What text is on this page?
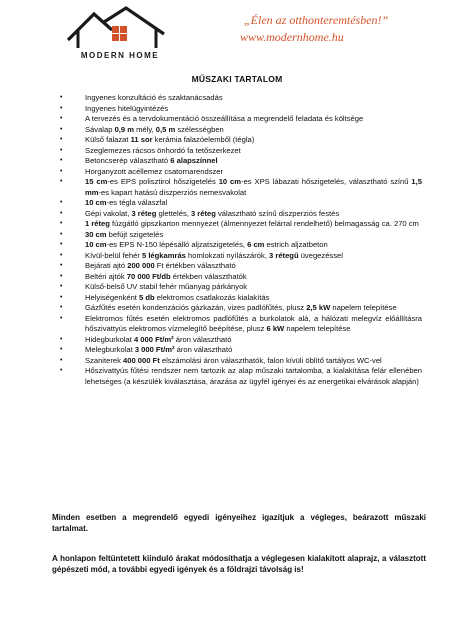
MODERN HOME
„Élen az otthonteremtésben!”
www.modernhome.hu
MŰSZAKI TARTALOM
•	Ingyenes konzultáció és szaktanácsadás
•	Ingyenes hitelügyintézés
•	A tervezés és a tervdokumentáció összeállítása a megrendelő feladata és költsége
•	Sávalap 0,9 m mély, 0,5 m szélességben
•	Külső falazat 11 sor kerámia falazóelemből (tégla)
•	Szeglemezes rácsos önhordó fa tetőszerkezet
•	Betoncserép választható 6 alapszínnel
•	Horganyzott acéllemez csatornarendszer
•	15 cm-es EPS polisztirol hőszigetelés 10 cm-es XPS lábazati hőszigetelés, választható színű 1,5 mm-es kapart hatású diszperziós nemesvakolat
•	10 cm-es tégla válaszfal
•	Gépi vakolat, 3 réteg glettelés, 3 réteg választható színű diszperziós festés
•	1 réteg fúzgátló gipszkarton mennyezet (álmennyezet felárral rendelhető) belmagasság ca. 270 cm
•	30 cm befújt szigetelés
•	10 cm-es EPS N-150 lépésálló aljzatszigetelés, 6 cm estrich aljzatbeton
•	Kívül-belül fehér 5 légkamrás homlokzati nyílászárók, 3 rétegű üvegezéssel
•	Bejárati ajtó 200 000 Ft értékben választható
•	Beltéri ajtók 70 000 Ft/db értékben választhatók
•	Külső-belső UV stabil fehér műanyag párkányok
•	Helyiségenként 5 db elektromos csatlakozás kialakítás
•	Gázfűtés esetén kondenzációs gázkazán, vizes padlófűtés, plusz 2,5 kW napelem telepítése
•	Elektromos fűtés esetén elektromos padlófűtés a burkolatok alá, a hálózati melegvíz előállításra hőszivattyús elektromos vízmelegítő beépítése, plusz 6 kW napelem telepítése
•	Hidegburkolat 4 000 Ft/m² áron választható
•	Melegburkolat 3 000 Ft/m² áron választható
•	Szaniterek 400 000 Ft elszámolási áron választhatók, falon kívüli öblítő tartályos WC-vel
•	Hőszivattyús fűtési rendszer nem tartozik az alap műszaki tartalomba, a kialakítása felár ellenében lehetséges (a készülék kiválasztása, árazása az ügyfél igényei és az energetikai elvárások alapján)
Minden esetben a megrendelő egyedi igényeihez igazítjuk a végleges, beárazott műszaki tartalmat.
A honlapon feltüntetett kiinduló árakat módosíthatja a véglegesen kialakított alaprajz, a választott gépészeti mód, a további egyedi igények és a földrajzi távolság is!
